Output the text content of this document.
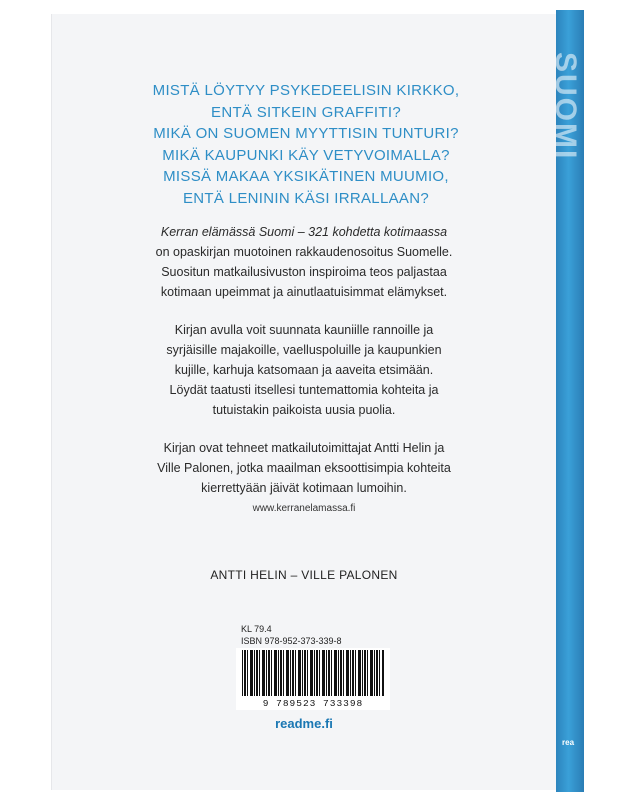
SUOMI
rea
MISTÄ LÖYTYY PSYKEDEELISIN KIRKKO,
ENTÄ SITKEIN GRAFFITI?
MIKÄ ON SUOMEN MYYTTISIN TUNTURI?
MIKÄ KAUPUNKI KÄY VETYVOIMALLA?
MISSÄ MAKAA YKSIKÄTINEN MUUMIO,
ENTÄ LENININ KÄSI IRRALLAAN?
Kerran elämässä Suomi – 321 kohdetta kotimaassa
on opaskirjan muotoinen rakkaudenosoitus Suomelle.
Suositun matkailusivuston inspiroima teos paljastaa
kotimaan upeimmat ja ainutlaatuisimmat elämykset.
Kirjan avulla voit suunnata kauniille rannoille ja
syrjäisille majakoille, vaelluspoluille ja kaupunkien
kujille, karhuja katsomaan ja aaveita etsimään.
Löydät taatusti itsellesi tuntemattomia kohteita ja
tutuistakin paikoista uusia puolia.
Kirjan ovat tehneet matkailutoimittajat Antti Helin ja
Ville Palonen, jotka maailman eksoottisimpia kohteita
kierrettyään jäivät kotimaan lumoihin.
www.kerranelamassa.fi
ANTTI HELIN – VILLE PALONEN
KL 79.4
ISBN 978-952-373-339-8
9 789523 733398
readme.fi
